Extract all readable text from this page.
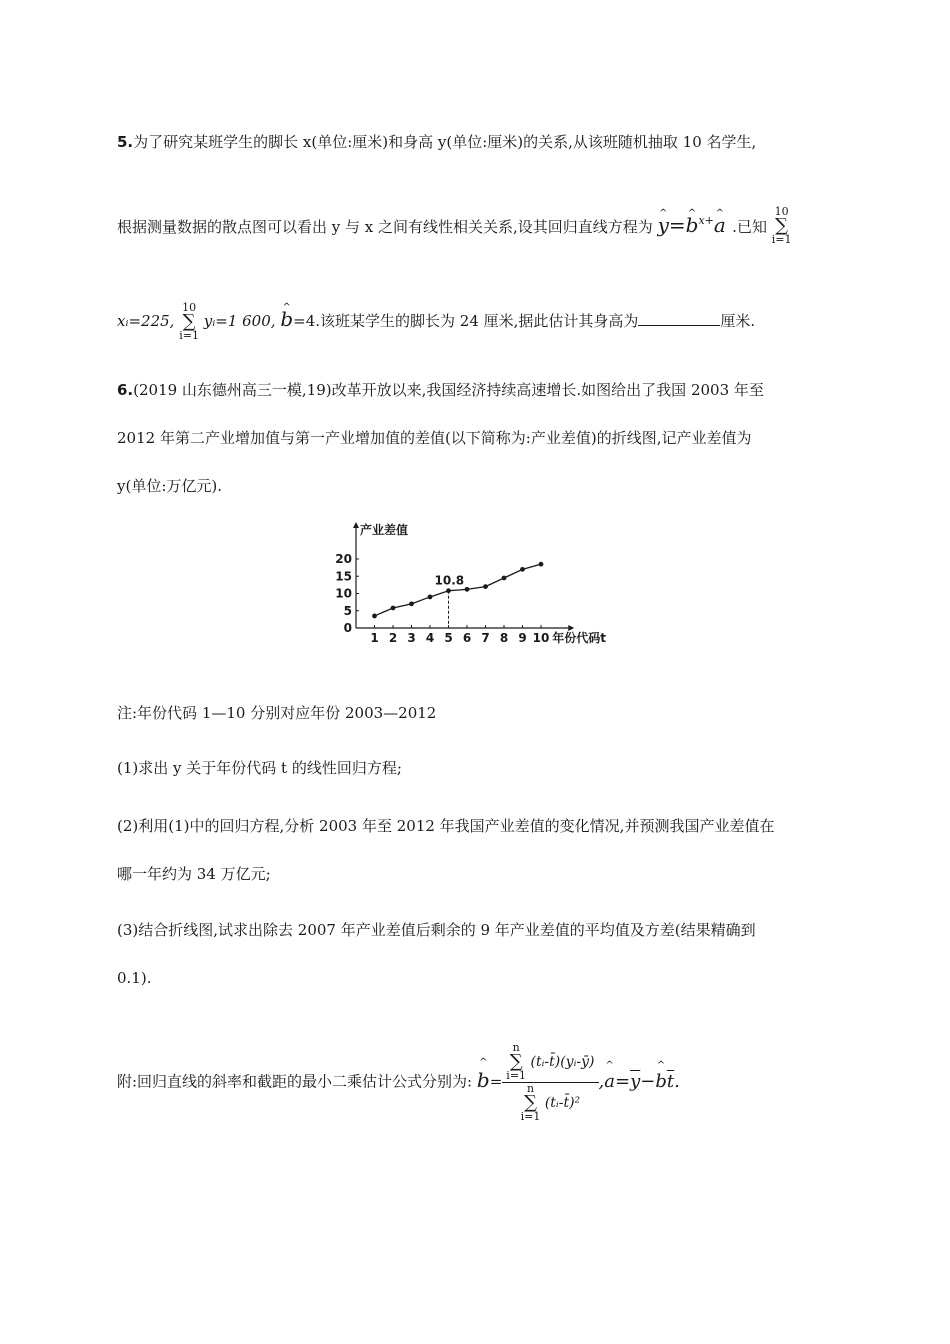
5.为了研究某班学生的脚长 x(单位:厘米)和身高 y(单位:厘米)的关系,从该班随机抽取 10 名学生,
根据测量数据的散点图可以看出 y 与 x 之间有线性相关关系,设其回归直线方程为 ^ y=^ $b^{x+}\^{}$ a .已知 10
∑
i=1
xᵢ=225, 10
∑
i=1 yᵢ=1 600, ^ b=4.该班某学生的脚长为 24 厘米,据此估计其身高为	厘米.
6.(2019 山东德州高三一模,19)改革开放以来,我国经济持续高速增长.如图给出了我国 2003 年至
2012 年第二产业增加值与第一产业增加值的差值(以下简称为:产业差值)的折线图,记产业差值为
y(单位:万亿元).
产业差值
年份代码t
0
5
10
15
20
1 2 3 4 5 6 7 8 9 10
10.8
注:年份代码 1—10 分别对应年份 2003—2012
(1)求出 y 关于年份代码 t 的线性回归方程;
(2)利用(1)中的回归方程,分析 2003 年至 2012 年我国产业差值的变化情况,并预测我国产业差值在
哪一年约为 34 万亿元;
(3)结合折线图,试求出除去 2007 年产业差值后剩余的 9 年产业差值的平均值及方差(结果精确到
0.1).
附:回归直线的斜率和截距的最小二乘估计公式分别为: ^ b= n
∑
i=1 (tᵢ-t̄)(yᵢ-ȳ)
n
∑
i=1 (tᵢ-t̄)² ,^ $a=\overline{y}-\^{}$ $b\overline{t}$.
